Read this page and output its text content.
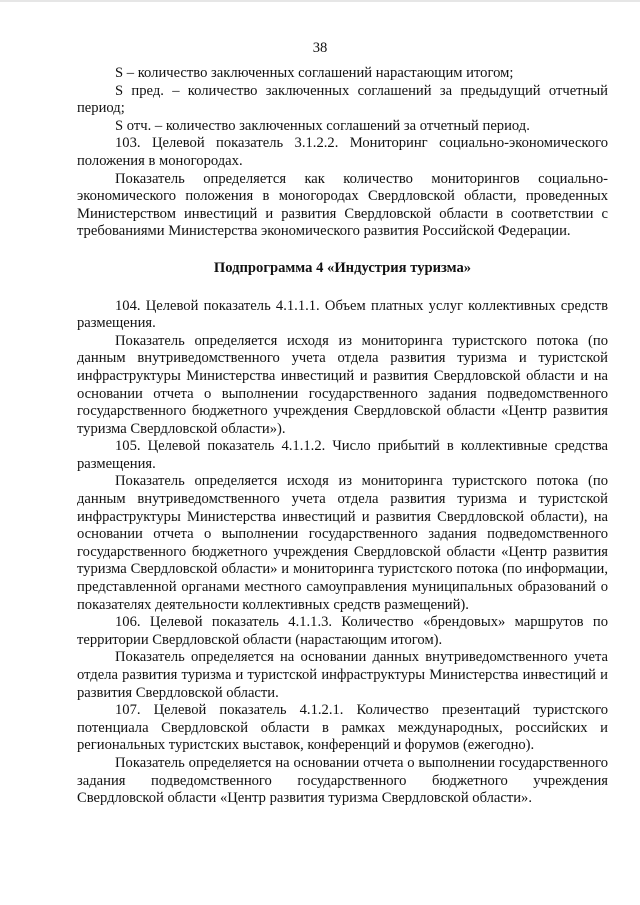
38

S – количество заключенных соглашений нарастающим итогом;

S пред. – количество заключенных соглашений за предыдущий отчетный период;

S отч. – количество заключенных соглашений за отчетный период.

103. Целевой показатель 3.1.2.2. Мониторинг социально-экономического положения в моногородах.

Показатель определяется как количество мониторингов социально-экономического положения в моногородах Свердловской области, проведенных Министерством инвестиций и развития Свердловской области в соответствии с требованиями Министерства экономического развития Российской Федерации.

Подпрограмма 4 «Индустрия туризма»

104. Целевой показатель 4.1.1.1. Объем платных услуг коллективных средств размещения.

Показатель определяется исходя из мониторинга туристского потока (по данным внутриведомственного учета отдела развития туризма и туристской инфраструктуры Министерства инвестиций и развития Свердловской области и на основании отчета о выполнении государственного задания подведомственного государственного бюджетного учреждения Свердловской области «Центр развития туризма Свердловской области»).

105. Целевой показатель 4.1.1.2. Число прибытий в коллективные средства размещения.

Показатель определяется исходя из мониторинга туристского потока (по данным внутриведомственного учета отдела развития туризма и туристской инфраструктуры Министерства инвестиций и развития Свердловской области), на основании отчета о выполнении государственного задания подведомственного государственного бюджетного учреждения Свердловской области «Центр развития туризма Свердловской области» и мониторинга туристского потока (по информации, представленной органами местного самоуправления муниципальных образований о показателях деятельности коллективных средств размещений).

106. Целевой показатель 4.1.1.3. Количество «брендовых» маршрутов по территории Свердловской области (нарастающим итогом).

Показатель определяется на основании данных внутриведомственного учета отдела развития туризма и туристской инфраструктуры Министерства инвестиций и развития Свердловской области.

107. Целевой показатель 4.1.2.1. Количество презентаций туристского потенциала Свердловской области в рамках международных, российских и региональных туристских выставок, конференций и форумов (ежегодно).

Показатель определяется на основании отчета о выполнении государственного задания подведомственного государственного бюджетного учреждения Свердловской области «Центр развития туризма Свердловской области».
